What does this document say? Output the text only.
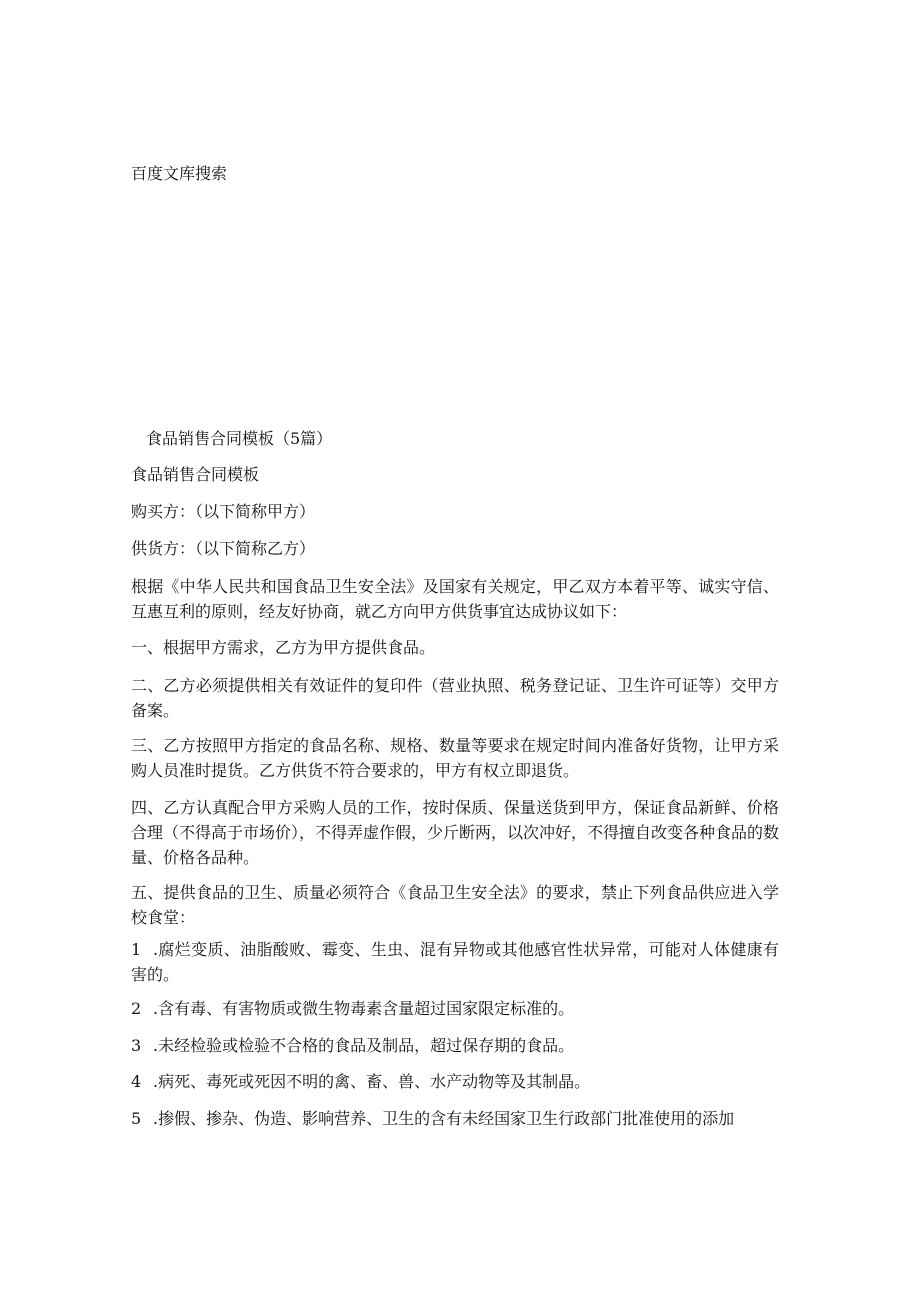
百度文库搜索
食品销售合同模板（5篇）
食品销售合同模板
购买方：（以下简称甲方）
供货方：（以下简称乙方）
根据《中华人民共和国食品卫生安全法》及国家有关规定，甲乙双方本着平等、诚实守信、互惠互利的原则，经友好协商，就乙方向甲方供货事宜达成协议如下：
一、根据甲方需求，乙方为甲方提供食品。
二、乙方必须提供相关有效证件的复印件（营业执照、税务登记证、卫生许可证等）交甲方备案。
三、乙方按照甲方指定的食品名称、规格、数量等要求在规定时间内准备好货物，让甲方采购人员准时提货。乙方供货不符合要求的，甲方有权立即退货。
四、乙方认真配合甲方采购人员的工作，按时保质、保量送货到甲方，保证食品新鲜、价格合理（不得高于市场价），不得弄虚作假，少斤断两，以次冲好，不得擅自改变各种食品的数量、价格各品种。
五、提供食品的卫生、质量必须符合《食品卫生安全法》的要求，禁止下列食品供应进入学校食堂：
1 .腐烂变质、油脂酸败、霉变、生虫、混有异物或其他感官性状异常，可能对人体健康有害的。
2 .含有毒、有害物质或微生物毒素含量超过国家限定标准的。
3 .未经检验或检验不合格的食品及制品，超过保存期的食品。
4 .病死、毒死或死因不明的禽、畜、兽、水产动物等及其制晶。
5 .掺假、掺杂、伪造、影响营养、卫生的含有未经国家卫生行政部门批准使用的添加
